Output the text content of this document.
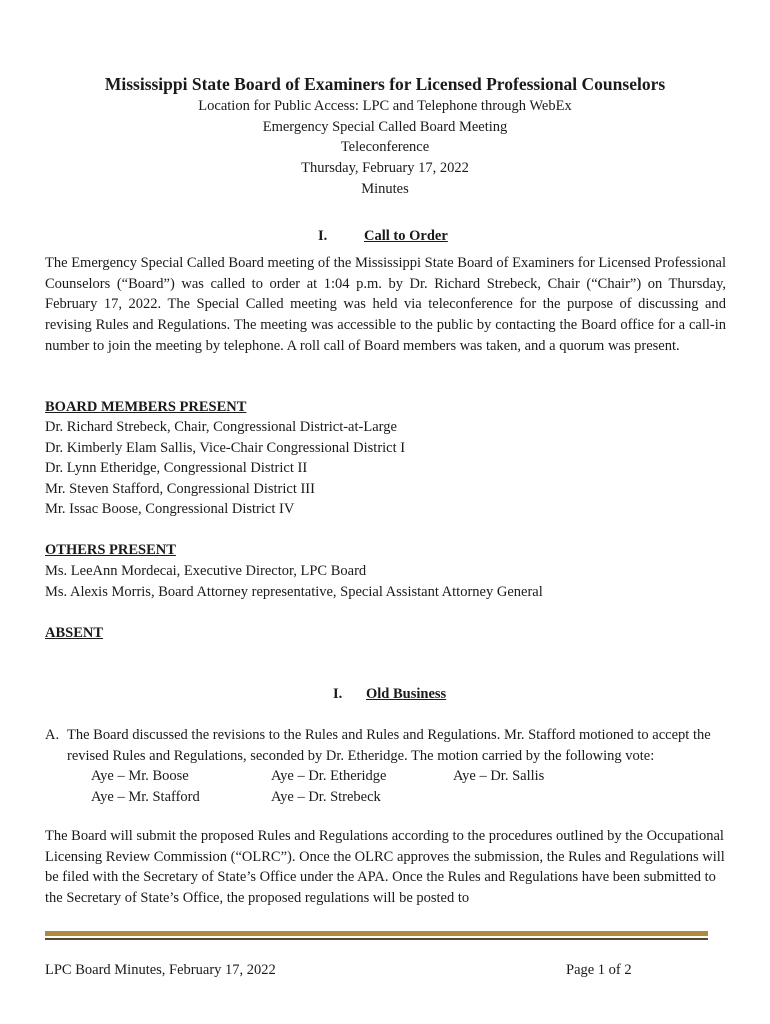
Mississippi State Board of Examiners for Licensed Professional Counselors
Location for Public Access: LPC and Telephone through WebEx
Emergency Special Called Board Meeting
Teleconference
Thursday, February 17, 2022
Minutes
I.	Call to Order

The Emergency Special Called Board meeting of the Mississippi State Board of Examiners for Licensed Professional Counselors (“Board”) was called to order at 1:04 p.m. by Dr. Richard Strebeck, Chair (“Chair”) on Thursday, February 17, 2022. The Special Called meeting was held via teleconference for the purpose of discussing and revising Rules and Regulations. The meeting was accessible to the public by contacting the Board office for a call-in number to join the meeting by telephone. A roll call of Board members was taken, and a quorum was present.

BOARD MEMBERS PRESENT
Dr. Richard Strebeck, Chair, Congressional District-at-Large
Dr. Kimberly Elam Sallis, Vice-Chair Congressional District I
Dr. Lynn Etheridge, Congressional District II
Mr. Steven Stafford, Congressional District III
Mr. Issac Boose, Congressional District IV
OTHERS PRESENT
Ms. LeeAnn Mordecai, Executive Director, LPC Board
Ms. Alexis Morris, Board Attorney representative, Special Assistant Attorney General
ABSENT
I. Old Business
A. The Board discussed the revisions to the Rules and Rules and Regulations. Mr. Stafford motioned to accept the revised Rules and Regulations, seconded by Dr. Etheridge. The motion carried by the following vote:
Aye – Mr. Boose	Aye – Dr. Etheridge	Aye – Dr. Sallis
Aye – Mr. Stafford	Aye – Dr. Strebeck

The Board will submit the proposed Rules and Regulations according to the procedures outlined by the Occupational Licensing Review Commission (“OLRC”). Once the OLRC approves the submission, the Rules and Regulations will be filed with the Secretary of State’s Office under the APA. Once the Rules and Regulations have been submitted to the Secretary of State’s Office, the proposed regulations will be posted to

LPC Board Minutes, February 17, 2022	Page 1 of 2
